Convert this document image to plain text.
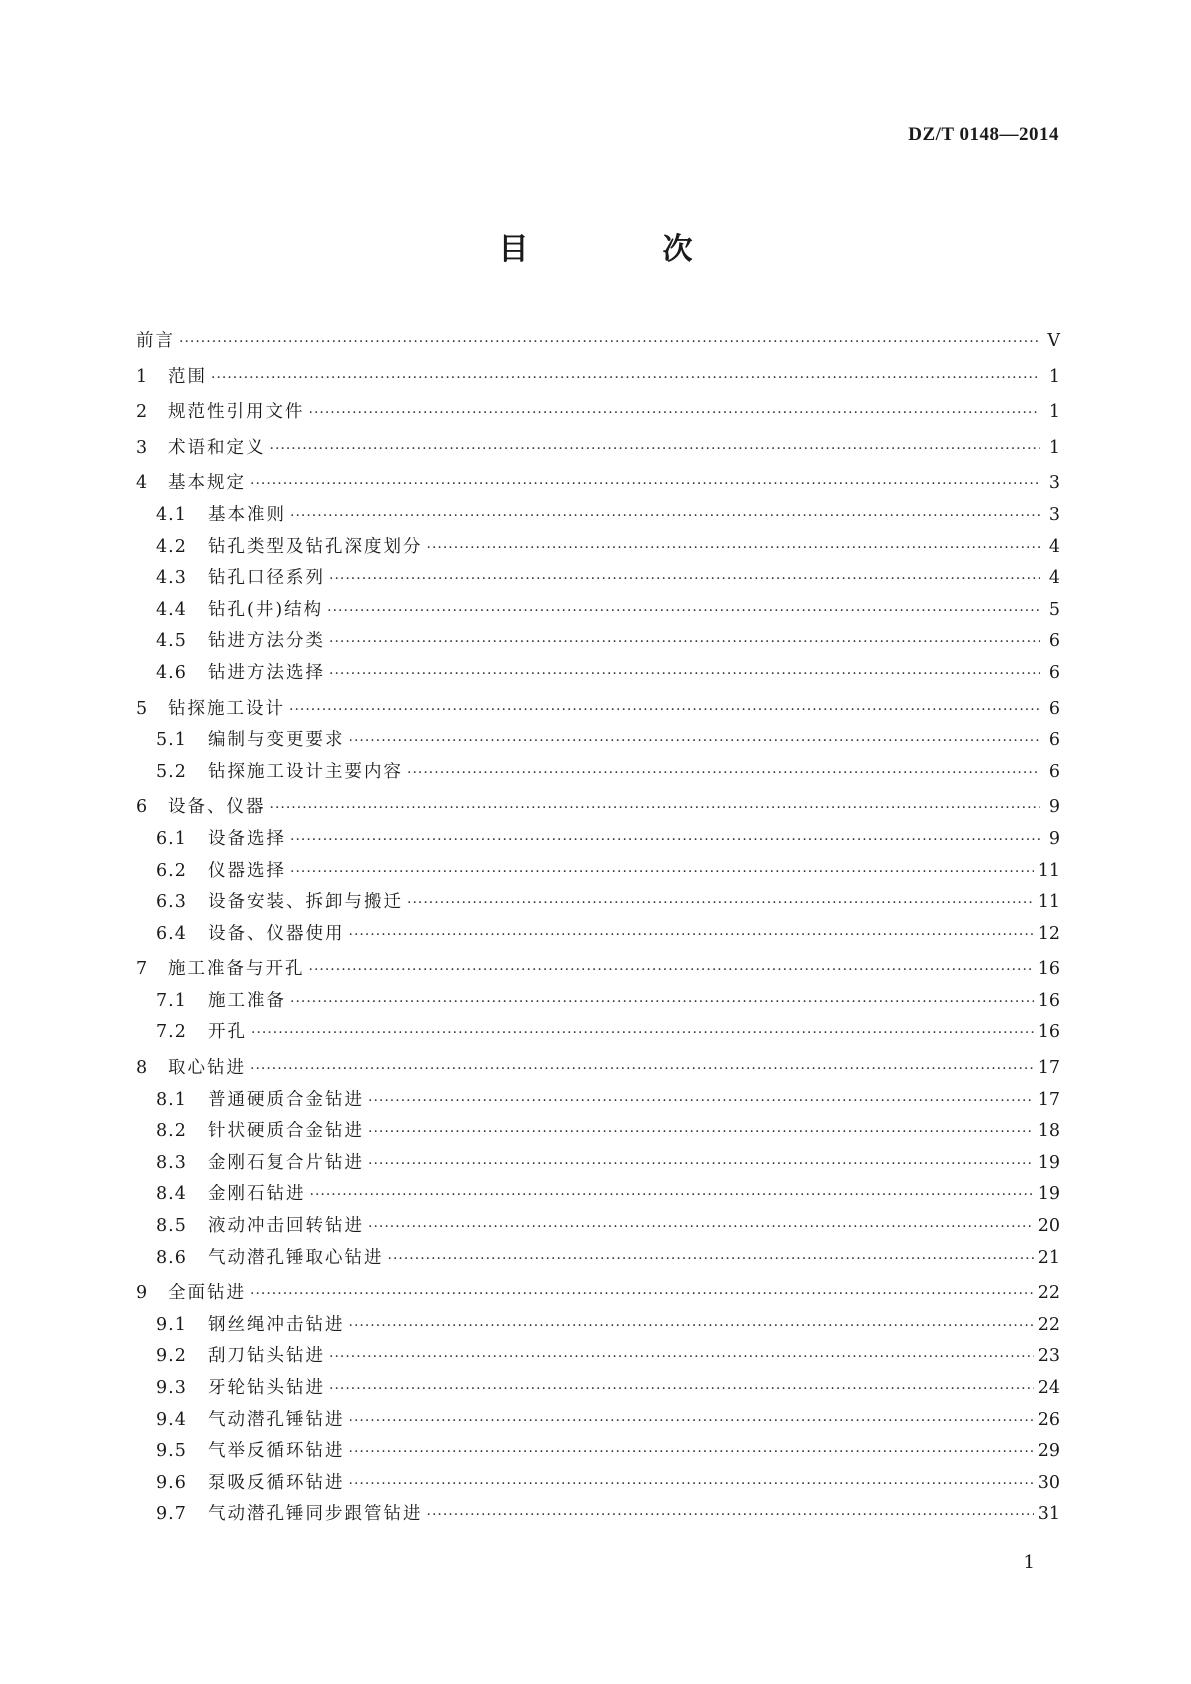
DZ/T 0148—2014
目　次
前言 ·····	Ⅴ
1	范围 ·····	1
2	规范性引用文件 ·····	1
3	术语和定义 ·····	1
4	基本规定 ·····	3
4.1	基本准则 ·····	3
4.2	钻孔类型及钻孔深度划分 ·····	4
4.3	钻孔口径系列 ·····	4
4.4	钻孔(井)结构 ·····	5
4.5	钻进方法分类 ·····	6
4.6	钻进方法选择 ·····	6
5	钻探施工设计 ·····	6
5.1	编制与变更要求 ·····	6
5.2	钻探施工设计主要内容 ·····	6
6	设备、仪器 ·····	9
6.1	设备选择 ·····	9
6.2	仪器选择 ·····	11
6.3	设备安装、拆卸与搬迁 ·····	11
6.4	设备、仪器使用 ·····	12
7	施工准备与开孔 ·····	16
7.1	施工准备 ·····	16
7.2	开孔 ·····	16
8	取心钻进 ·····	17
8.1	普通硬质合金钻进 ·····	17
8.2	针状硬质合金钻进 ·····	18
8.3	金刚石复合片钻进 ·····	19
8.4	金刚石钻进 ·····	19
8.5	液动冲击回转钻进 ·····	20
8.6	气动潜孔锤取心钻进 ·····	21
9	全面钻进 ·····	22
9.1	钢丝绳冲击钻进 ·····	22
9.2	刮刀钻头钻进 ·····	23
9.3	牙轮钻头钻进 ·····	24
9.4	气动潜孔锤钻进 ·····	26
9.5	气举反循环钻进 ·····	29
9.6	泵吸反循环钻进 ·····	30
9.7	气动潜孔锤同步跟管钻进 ·····	31
1
